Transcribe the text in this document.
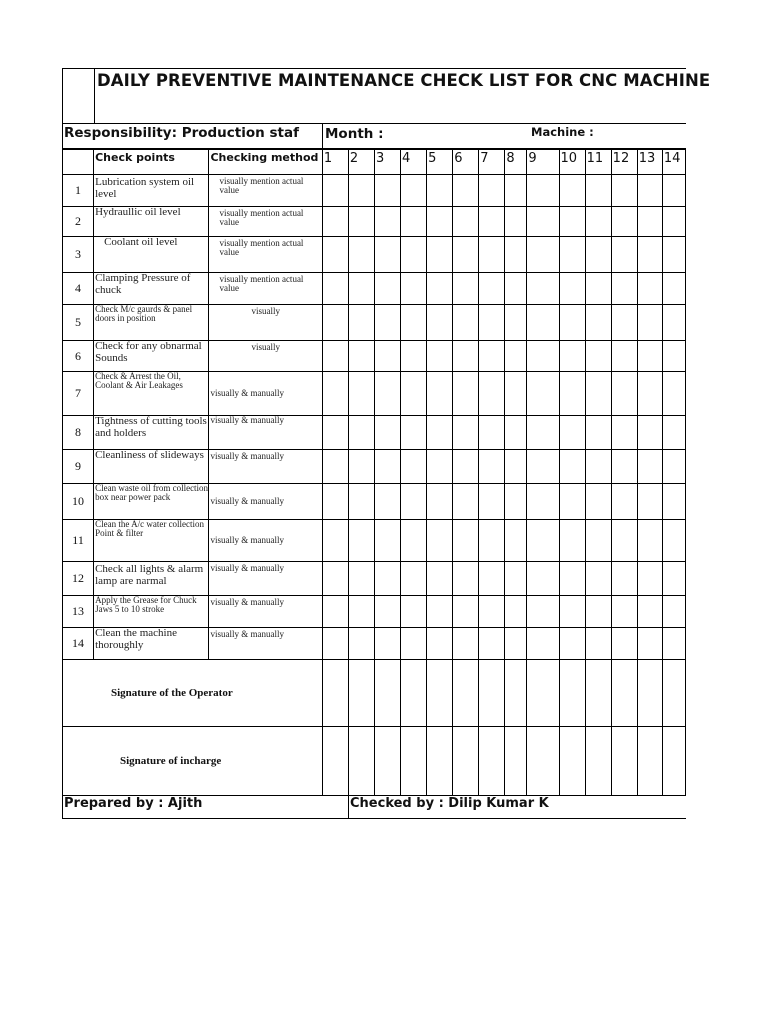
DAILY PREVENTIVE MAINTENANCE CHECK LIST FOR CNC MACHINE
Responsibility: Production staf Month :	Machine :

	Check points	Checking method	1	2	3	4	5	6	7	8	9	10	11	12	13	14

1	Lubrication system oil level	visually mention actual value														

2	Hydraullic oil level	visually mention actual value														

3	Coolant oil level	visually mention actual value														

4	Clamping Pressure of chuck	visually mention actual value														

5	Check M/c gaurds & panel doors in position	visually														

6	Check for any obnarmal Sounds	visually														

7	Check & Arrest the Oil, Coolant & Air Leakages	visually & manually														

8	Tightness of cutting tools and holders	visually & manually														

9	Cleanliness of slideways	visually & manually														

10	Clean waste oil from collection box near power pack	visually & manually														

11	Clean the A/c water collection Point & filter	visually & manually														

12	Check all lights & alarm lamp are narmal	visually & manually														

13	Apply the Grease for Chuck Jaws 5 to 10 stroke	visually & manually														

14	Clean the machine thoroughly	visually & manually														

Signature of the Operator																

Signature of incharge																

Prepared by : Ajith	Checked by : Dilip Kumar K
